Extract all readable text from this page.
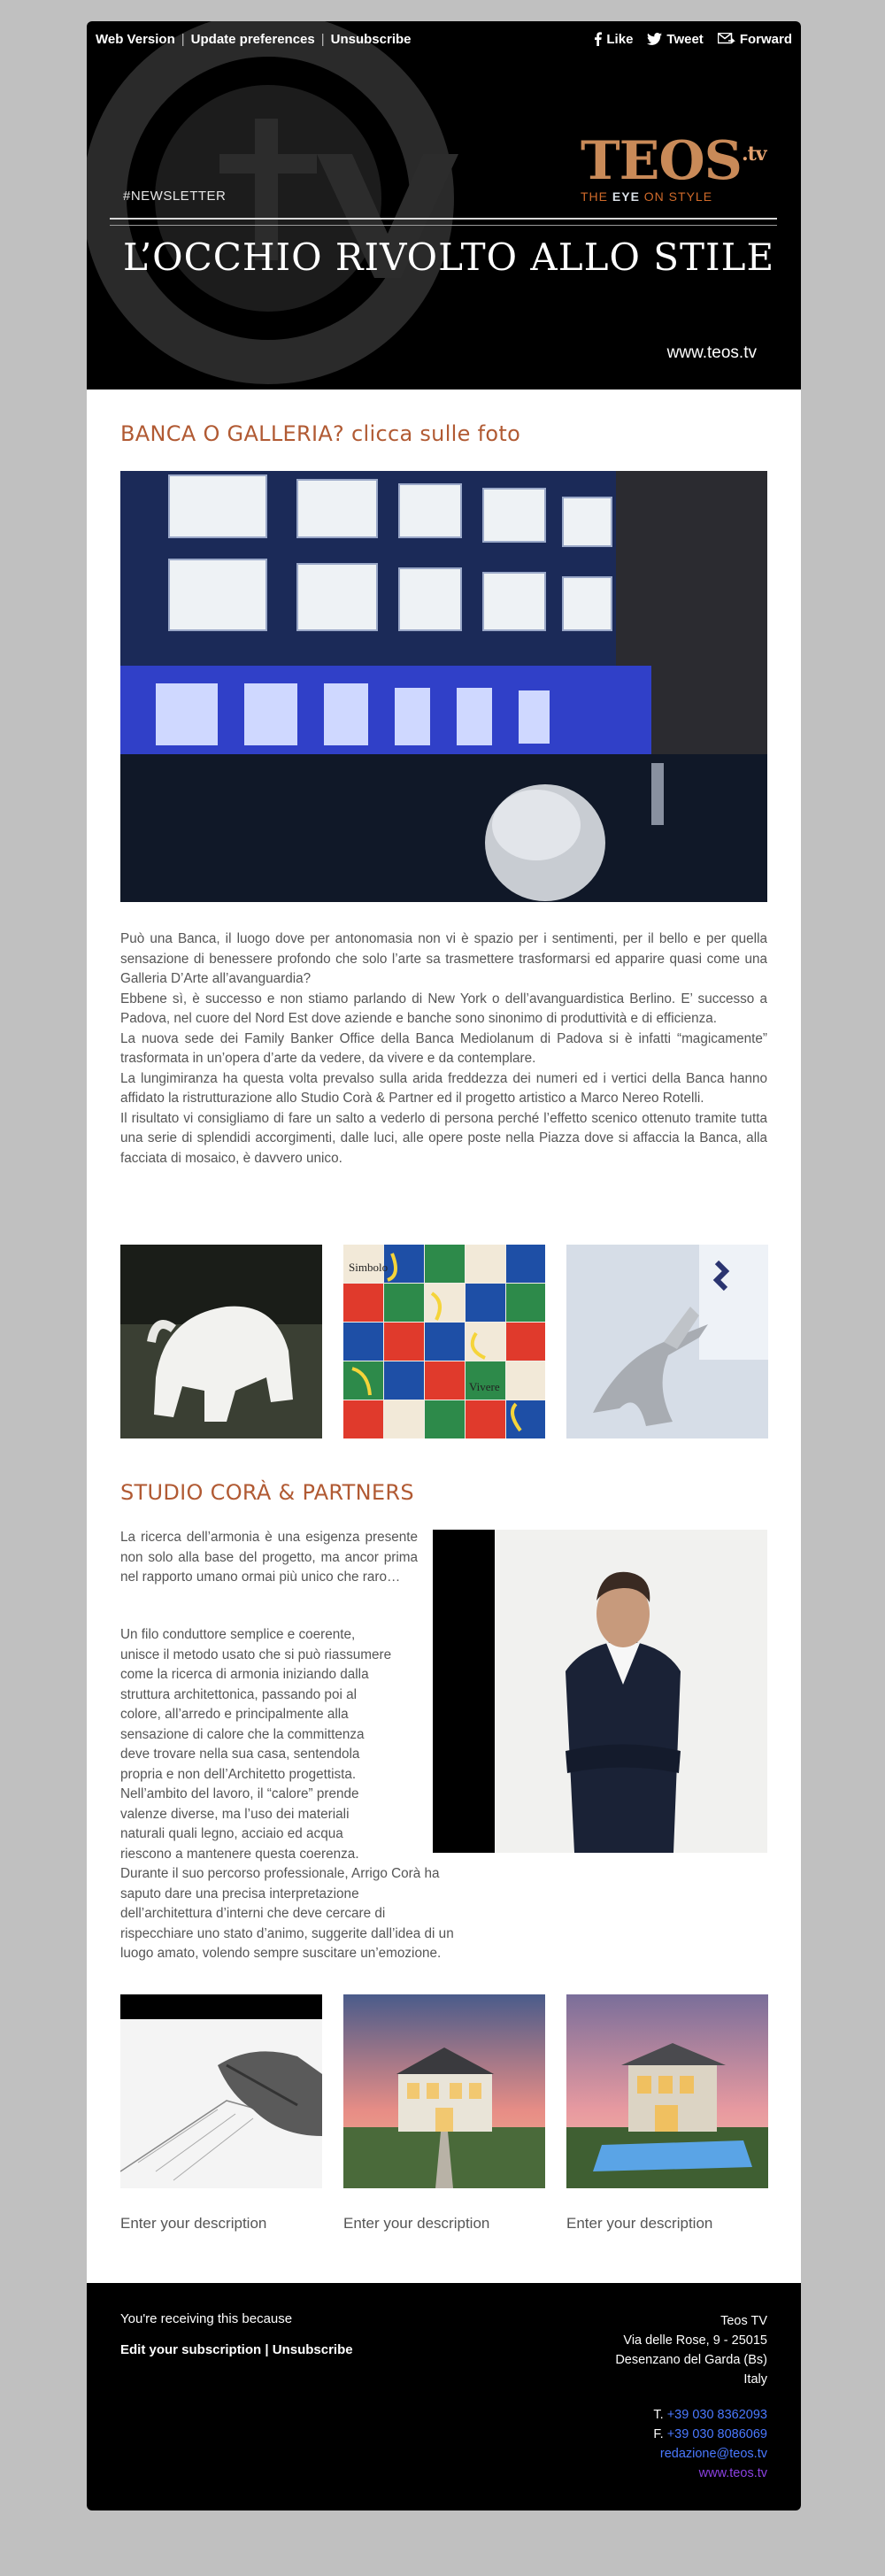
Web Version | Update preferences | Unsubscribe	Like	Tweet	Forward
#NEWSLETTER
$TEOS^{.tv}$
THE EYE ON STYLE
L’OCCHIO RIVOLTO ALLO STILE
www.teos.tv
BANCA O GALLERIA? clicca sulle foto

Può una Banca, il luogo dove per antonomasia non vi è spazio per i sentimenti, per il bello e per quella sensazione di benessere profondo che solo l’arte sa trasmettere trasformarsi ed apparire quasi come una Galleria D’Arte all’avanguardia?

Ebbene sì, è successo e non stiamo parlando di New York o dell’avanguardistica Berlino. E’ successo a Padova, nel cuore del Nord Est dove aziende e banche sono sinonimo di produttività e di efficienza.

La nuova sede dei Family Banker Office della Banca Mediolanum di Padova si è infatti “magicamente” trasformata in un’opera d’arte da vedere, da vivere e da contemplare.

La lungimiranza ha questa volta prevalso sulla arida freddezza dei numeri ed i vertici della Banca hanno affidato la ristrutturazione allo Studio Corà & Partner ed il progetto artistico a Marco Nereo Rotelli.

Il risultato vi consigliamo di fare un salto a vederlo di persona perché l’effetto scenico ottenuto tramite tutta una serie di splendidi accorgimenti, dalle luci, alle opere poste nella Piazza dove si affaccia la Banca, alla facciata di mosaico, è davvero unico.

Simbolo
Vivere
STUDIO CORÀ & PARTNERS

La ricerca dell’armonia è una esigenza presente non solo alla base del progetto, ma ancor prima nel rapporto umano ormai più unico che raro…

Un filo conduttore semplice e coerente,
unisce il metodo usato che si può riassumere
come la ricerca di armonia iniziando dalla
struttura architettonica, passando poi al
colore, all’arredo e principalmente alla
sensazione di calore che la committenza
deve trovare nella sua casa, sentendola
propria e non dell’Architetto progettista.
Nell’ambito del lavoro, il “calore” prende
valenze diverse, ma l’uso dei materiali
naturali quali legno, acciaio ed acqua
riescono a mantenere questa coerenza.
Durante il suo percorso professionale, Arrigo Corà ha saputo dare una precisa interpretazione
dell’architettura d’interni che deve cercare di rispecchiare uno stato d’animo, suggerite dall’idea di un
luogo amato, volendo sempre suscitare un’emozione.
Enter your description	Enter your description	Enter your description
You're receiving this because
Edit your subscription | Unsubscribe
Teos TV
Via delle Rose, 9 - 25015
Desenzano del Garda (Bs)
Italy
T. +39 030 8362093
F. +39 030 8086069
redazione@teos.tv
www.teos.tv
